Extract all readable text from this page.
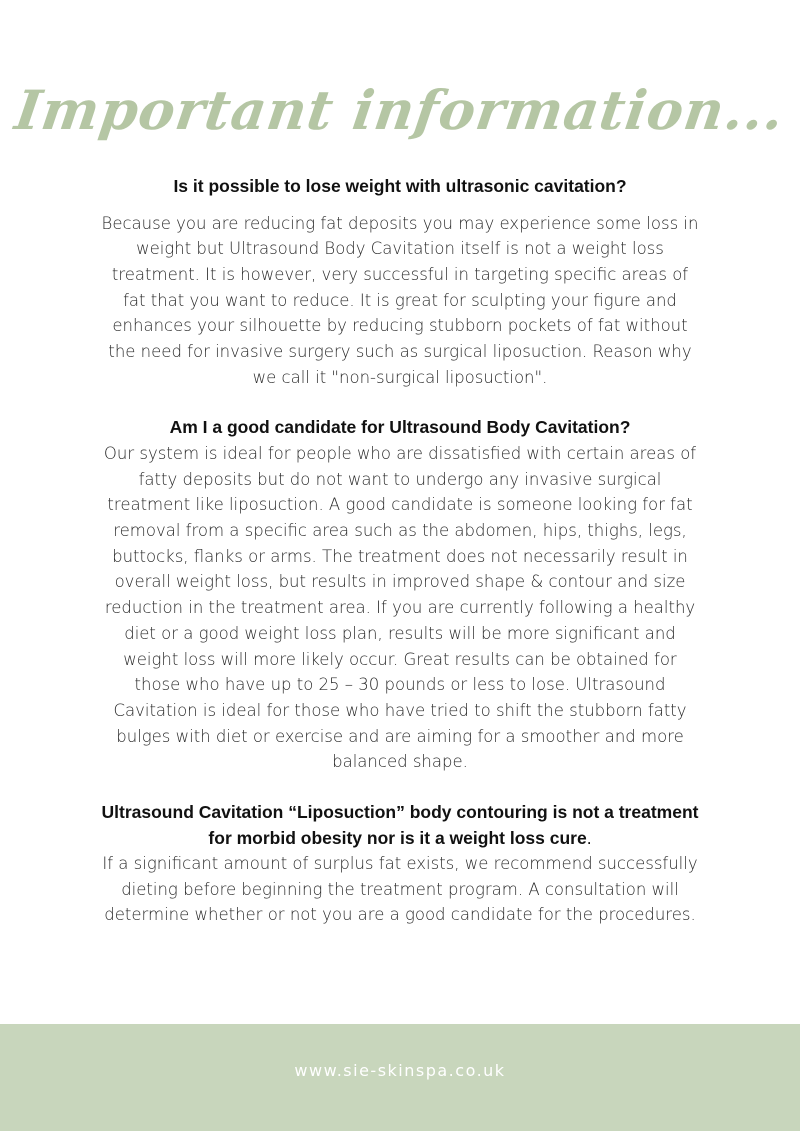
Important information...

Is it possible to lose weight with ultrasonic cavitation?

Because you are reducing fat deposits you may experience some loss in weight but Ultrasound Body Cavitation itself is not a weight loss treatment. It is however, very successful in targeting specific areas of fat that you want to reduce. It is great for sculpting your figure and enhances your silhouette by reducing stubborn pockets of fat without the need for invasive surgery such as surgical liposuction. Reason why we call it "non-surgical liposuction".

Am I a good candidate for Ultrasound Body Cavitation?

Our system is ideal for people who are dissatisfied with certain areas of fatty deposits but do not want to undergo any invasive surgical treatment like liposuction. A good candidate is someone looking for fat removal from a specific area such as the abdomen, hips, thighs, legs, buttocks, flanks or arms. The treatment does not necessarily result in overall weight loss, but results in improved shape & contour and size reduction in the treatment area. If you are currently following a healthy diet or a good weight loss plan, results will be more significant and weight loss will more likely occur. Great results can be obtained for those who have up to 25 – 30 pounds or less to lose. Ultrasound Cavitation is ideal for those who have tried to shift the stubborn fatty bulges with diet or exercise and are aiming for a smoother and more balanced shape.

Ultrasound Cavitation “Liposuction” body contouring is not a treatment for morbid obesity nor is it a weight loss cure.

If a significant amount of surplus fat exists, we recommend successfully dieting before beginning the treatment program. A consultation will determine whether or not you are a good candidate for the procedures.

www.sie-skinspa.co.uk
